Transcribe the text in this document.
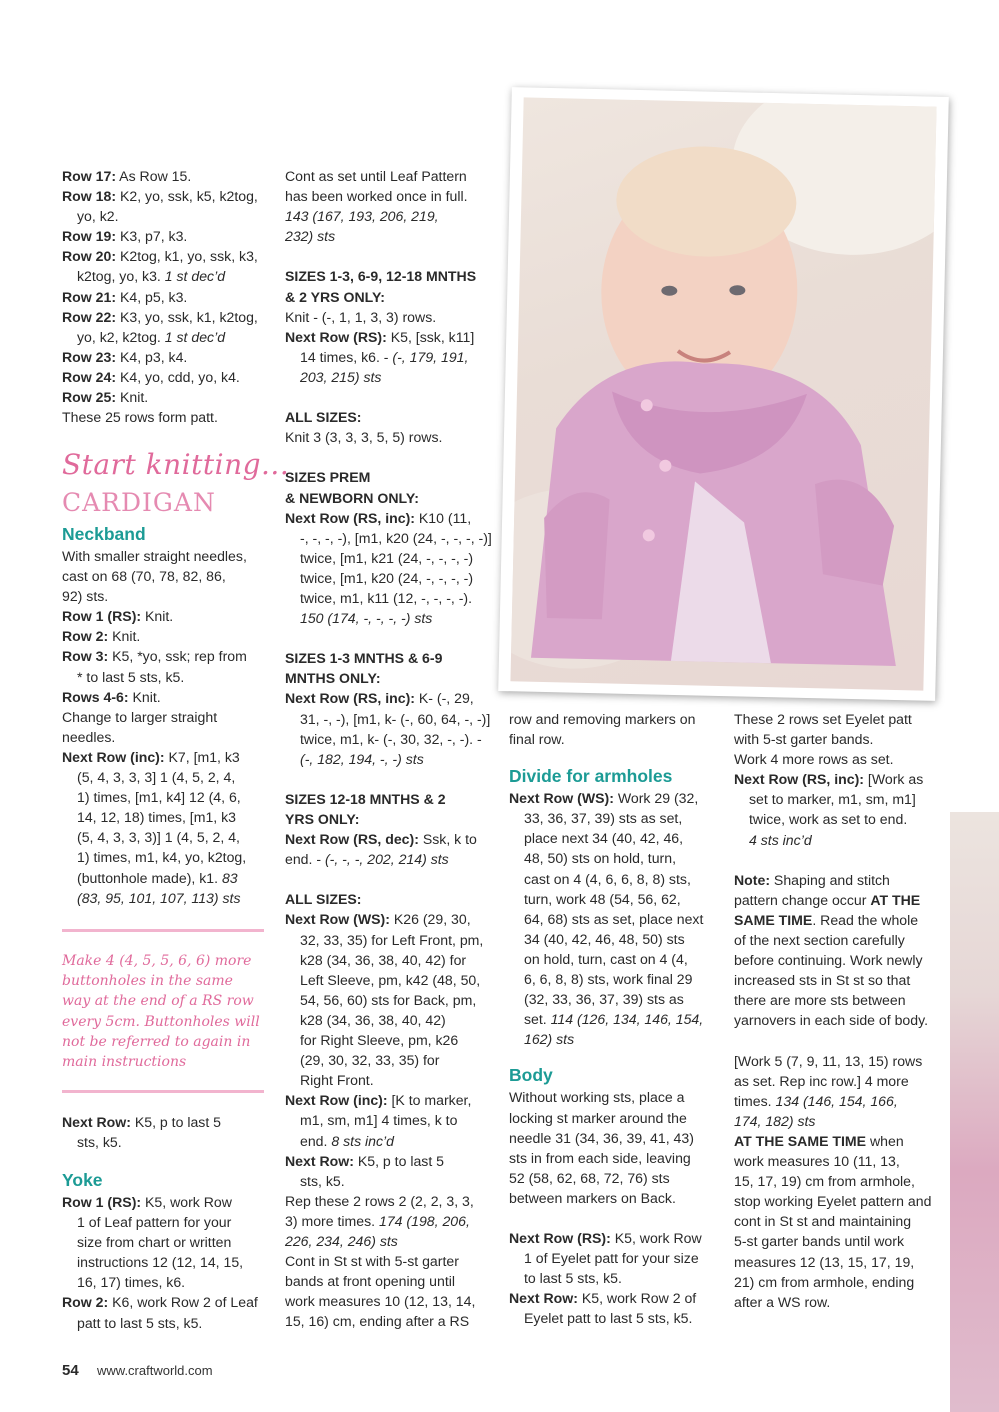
Row 17: As Row 15.

Row 18: K2, yo, ssk, k5, k2tog,

yo, k2.

Row 19: K3, p7, k3.

Row 20: K2tog, k1, yo, ssk, k3,

k2tog, yo, k3. 1 st dec’d

Row 21: K4, p5, k3.

Row 22: K3, yo, ssk, k1, k2tog,

yo, k2, k2tog. 1 st dec’d

Row 23: K4, p3, k4.

Row 24: K4, yo, cdd, yo, k4.

Row 25: Knit.

These 25 rows form patt.

Start knitting...
CARDIGAN

Neckband

With smaller straight needles,

cast on 68 (70, 78, 82, 86,

92) sts.

Row 1 (RS): Knit.

Row 2: Knit.

Row 3: K5, *yo, ssk; rep from

* to last 5 sts, k5.

Rows 4-6: Knit.

Change to larger straight

needles.

Next Row (inc): K7, [m1, k3

(5, 4, 3, 3, 3] 1 (4, 5, 2, 4,

1) times, [m1, k4] 12 (4, 6,

14, 12, 18) times, [m1, k3

(5, 4, 3, 3, 3)] 1 (4, 5, 2, 4,

1) times, m1, k4, yo, k2tog,

(buttonhole made), k1. 83

(83, 95, 101, 107, 113) sts

Make 4 (4, 5, 5, 6, 6) more buttonholes in the same way at the end of a RS row every 5cm. Buttonholes will not be referred to again in main instructions

Next Row: K5, p to last 5

sts, k5.

Yoke

Row 1 (RS): K5, work Row

1 of Leaf pattern for your

size from chart or written

instructions 12 (12, 14, 15,

16, 17) times, k6.

Row 2: K6, work Row 2 of Leaf

patt to last 5 sts, k5.

Cont as set until Leaf Pattern

has been worked once in full.

143 (167, 193, 206, 219,

232) sts

SIZES 1-3, 6-9, 12-18 MNTHS

& 2 YRS ONLY:

Knit - (-, 1, 1, 3, 3) rows.

Next Row (RS): K5, [ssk, k11]

14 times, k6. - (-, 179, 191,

203, 215) sts

ALL SIZES:

Knit 3 (3, 3, 3, 5, 5) rows.

SIZES PREM

& NEWBORN ONLY:

Next Row (RS, inc): K10 (11,

-, -, -, -), [m1, k20 (24, -, -, -, -)]

twice, [m1, k21 (24, -, -, -, -)

twice, [m1, k20 (24, -, -, -, -)

twice, m1, k11 (12, -, -, -, -).

150 (174, -, -, -, -) sts

SIZES 1-3 MNTHS & 6-9

MNTHS ONLY:

Next Row (RS, inc): K- (-, 29,

31, -, -), [m1, k- (-, 60, 64, -, -)]

twice, m1, k- (-, 30, 32, -, -). -

(-, 182, 194, -, -) sts

SIZES 12-18 MNTHS & 2

YRS ONLY:

Next Row (RS, dec): Ssk, k to

end. - (-, -, -, 202, 214) sts

ALL SIZES:

Next Row (WS): K26 (29, 30,

32, 33, 35) for Left Front, pm,

k28 (34, 36, 38, 40, 42) for

Left Sleeve, pm, k42 (48, 50,

54, 56, 60) sts for Back, pm,

k28 (34, 36, 38, 40, 42)

for Right Sleeve, pm, k26

(29, 30, 32, 33, 35) for

Right Front.

Next Row (inc): [K to marker,

m1, sm, m1] 4 times, k to

end. 8 sts inc’d

Next Row: K5, p to last 5

sts, k5.

Rep these 2 rows 2 (2, 2, 3, 3,

3) more times. 174 (198, 206,

226, 234, 246) sts

Cont in St st with 5-st garter

bands at front opening until

work measures 10 (12, 13, 14,

15, 16) cm, ending after a RS

row and removing markers on

final row.

Divide for armholes

Next Row (WS): Work 29 (32,

33, 36, 37, 39) sts as set,

place next 34 (40, 42, 46,

48, 50) sts on hold, turn,

cast on 4 (4, 6, 6, 8, 8) sts,

turn, work 48 (54, 56, 62,

64, 68) sts as set, place next

34 (40, 42, 46, 48, 50) sts

on hold, turn, cast on 4 (4,

6, 6, 8, 8) sts, work final 29

(32, 33, 36, 37, 39) sts as

set. 114 (126, 134, 146, 154,

162) sts

Body

Without working sts, place a

locking st marker around the

needle 31 (34, 36, 39, 41, 43)

sts in from each side, leaving

52 (58, 62, 68, 72, 76) sts

between markers on Back.

Next Row (RS): K5, work Row

1 of Eyelet patt for your size

to last 5 sts, k5.

Next Row: K5, work Row 2 of

Eyelet patt to last 5 sts, k5.

These 2 rows set Eyelet patt

with 5-st garter bands.

Work 4 more rows as set.

Next Row (RS, inc): [Work as

set to marker, m1, sm, m1]

twice, work as set to end.

4 sts inc’d

Note: Shaping and stitch

pattern change occur AT THE

SAME TIME. Read the whole

of the next section carefully

before continuing. Work newly

increased sts in St st so that

there are more sts between

yarnovers in each side of body.

[Work 5 (7, 9, 11, 13, 15) rows

as set. Rep inc row.] 4 more

times. 134 (146, 154, 166,

174, 182) sts

AT THE SAME TIME when

work measures 10 (11, 13,

15, 17, 19) cm from armhole,

stop working Eyelet pattern and

cont in St st and maintaining

5-st garter bands until work

measures 12 (13, 15, 17, 19,

21) cm from armhole, ending

after a WS row.

54 www.craftworld.com
